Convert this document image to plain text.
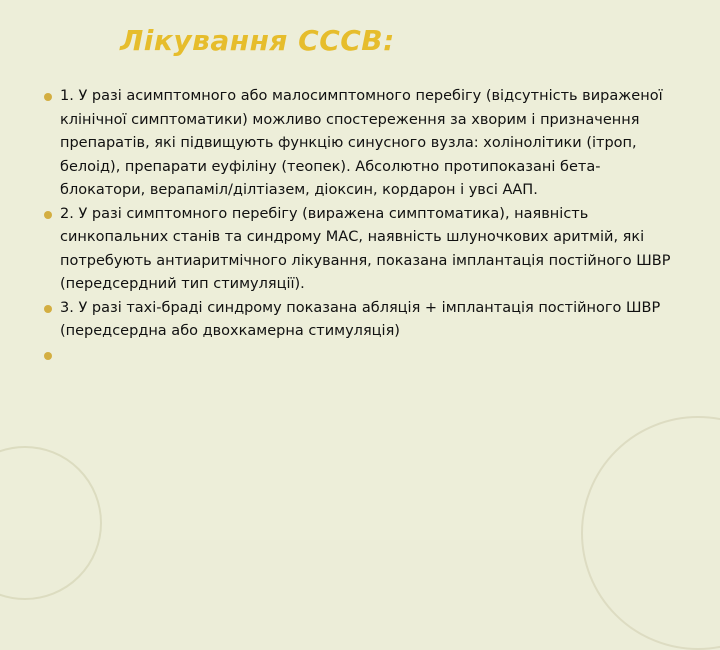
Лікування СССВ:
1. У разі асимптомного або малосимптомного перебігу (відсутність вираженої клінічної симптоматики) можливо спостереження за хворим і призначення препаратів, які підвищують функцію синусного вузла: холінолітики (ітроп, белоід), препарати еуфіліну (теопек). Абсолютно протипоказані бета-блокатори, верапаміл/ділтіазем, діоксин, кордарон і увсі ААП.
2. У разі симптомного перебігу (виражена симптоматика), наявність синкопальних станів та синдрому МАС, наявність шлуночкових аритмій, які потребують антиаритмічного лікування, показана імплантація постійного ШВР (передсердний тип стимуляції).
3. У разі тахі-браді синдрому показана абляція + імплантація постійного ШВР (передсердна або двохкамерна стимуляція)
